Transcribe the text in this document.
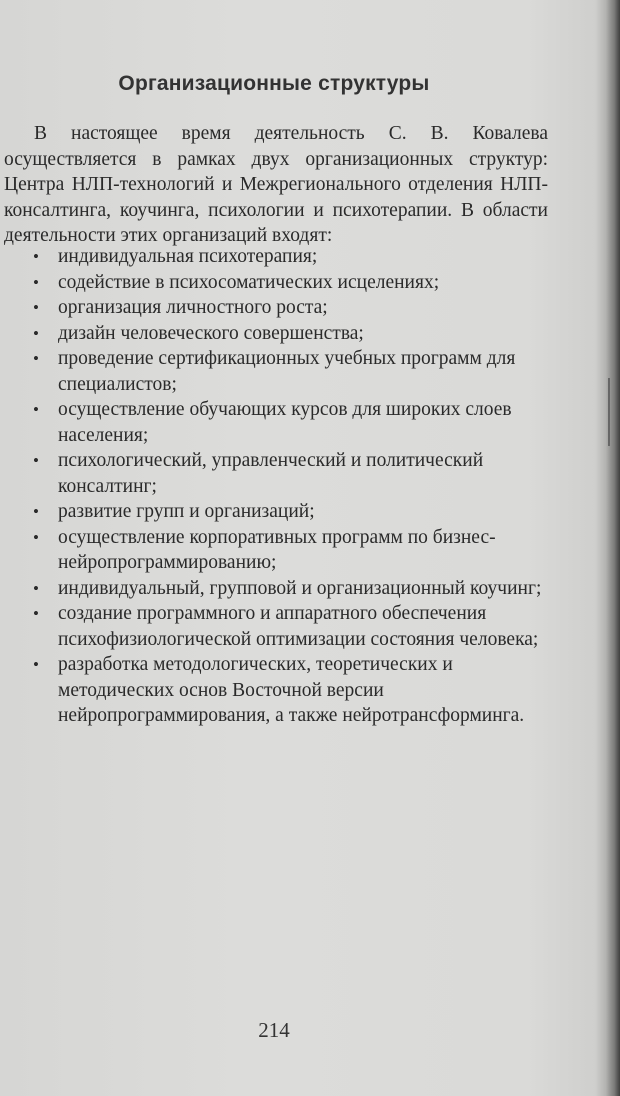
Организационные структуры

В настоящее время деятельность С. В. Ковалева осуществляется в рамках двух организационных структур: Центра НЛП-технологий и Межрегионального отделения НЛП-консалтинга, коучинга, психологии и психотерапии. В области деятельности этих организаций входят:

• индивидуальная психотерапия;
• содействие в психосоматических исцелениях;
• организация личностного роста;
• дизайн человеческого совершенства;
• проведение сертификационных учебных программ для специалистов;
• осуществление обучающих курсов для широких слоев населения;
• психологический, управленческий и политический консалтинг;
• развитие групп и организаций;
• осуществление корпоративных программ по бизнес-нейропрограммированию;
• индивидуальный, групповой и организационный коучинг;
• создание программного и аппаратного обеспечения психофизиологической оптимизации состояния человека;
• разработка методологических, теоретических и методических основ Восточной версии нейропрограммирования, а также нейротрансформинга.
214
